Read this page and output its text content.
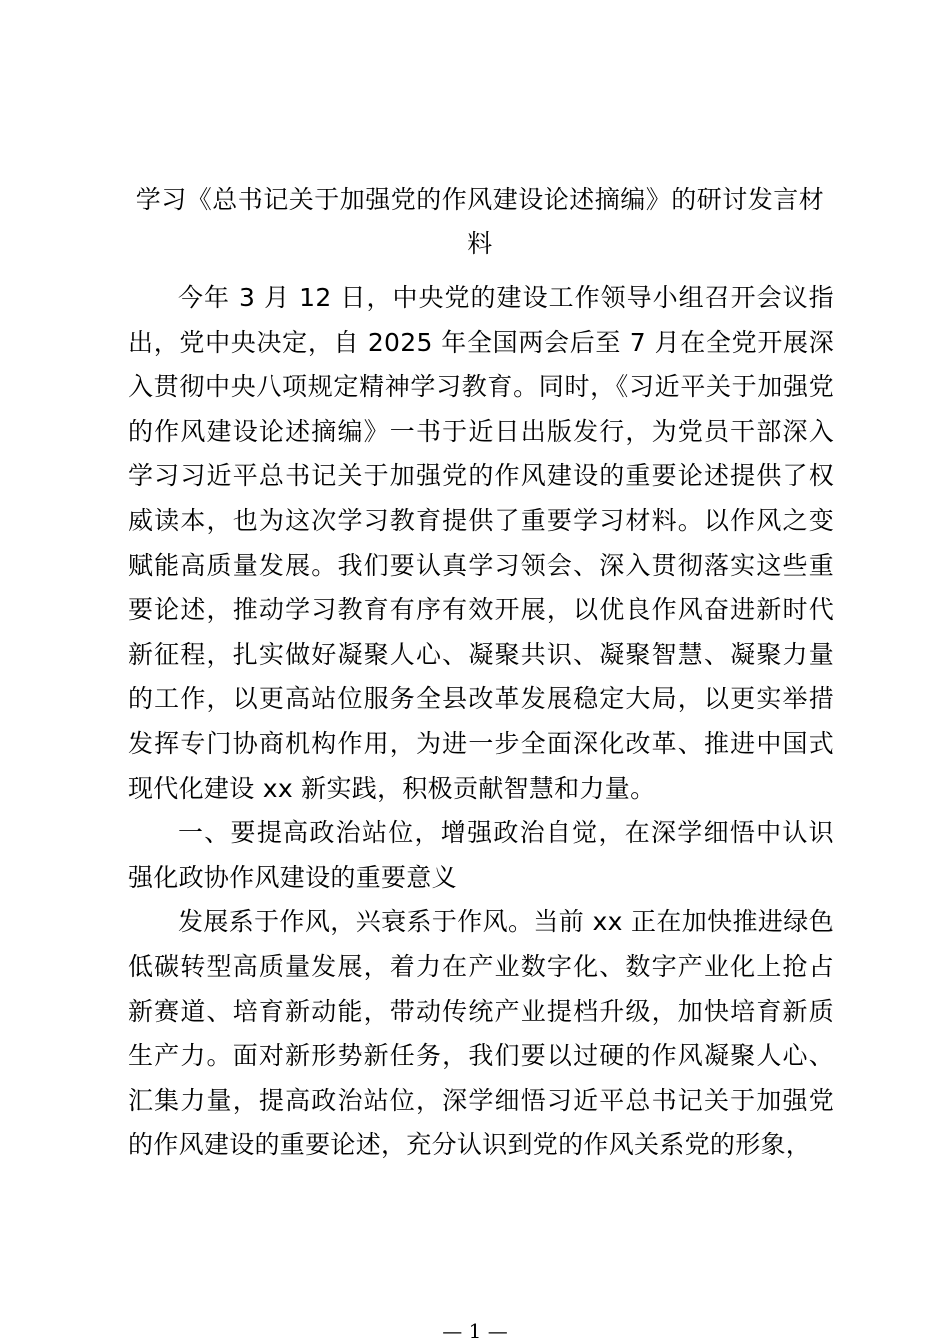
学习《总书记关于加强党的作风建设论述摘编》的研讨发言材
料

今年 3 月 12 日，中央党的建设工作领导小组召开会议指出，党中央决定，自 2025 年全国两会后至 7 月在全党开展深入贯彻中央八项规定精神学习教育。同时，《习近平关于加强党的作风建设论述摘编》一书于近日出版发行，为党员干部深入学习习近平总书记关于加强党的作风建设的重要论述提供了权威读本，也为这次学习教育提供了重要学习材料。以作风之变赋能高质量发展。我们要认真学习领会、深入贯彻落实这些重要论述，推动学习教育有序有效开展，以优良作风奋进新时代新征程，扎实做好凝聚人心、凝聚共识、凝聚智慧、凝聚力量的工作，以更高站位服务全县改革发展稳定大局，以更实举措发挥专门协商机构作用，为进一步全面深化改革、推进中国式现代化建设 xx 新实践，积极贡献智慧和力量。

一、要提高政治站位，增强政治自觉，在深学细悟中认识强化政协作风建设的重要意义

发展系于作风，兴衰系于作风。当前 xx 正在加快推进绿色低碳转型高质量发展，着力在产业数字化、数字产业化上抢占新赛道、培育新动能，带动传统产业提档升级，加快培育新质生产力。面对新形势新任务，我们要以过硬的作风凝聚人心、汇集力量，提高政治站位，深学细悟习近平总书记关于加强党的作风建设的重要论述，充分认识到党的作风关系党的形象，

— 1 —
